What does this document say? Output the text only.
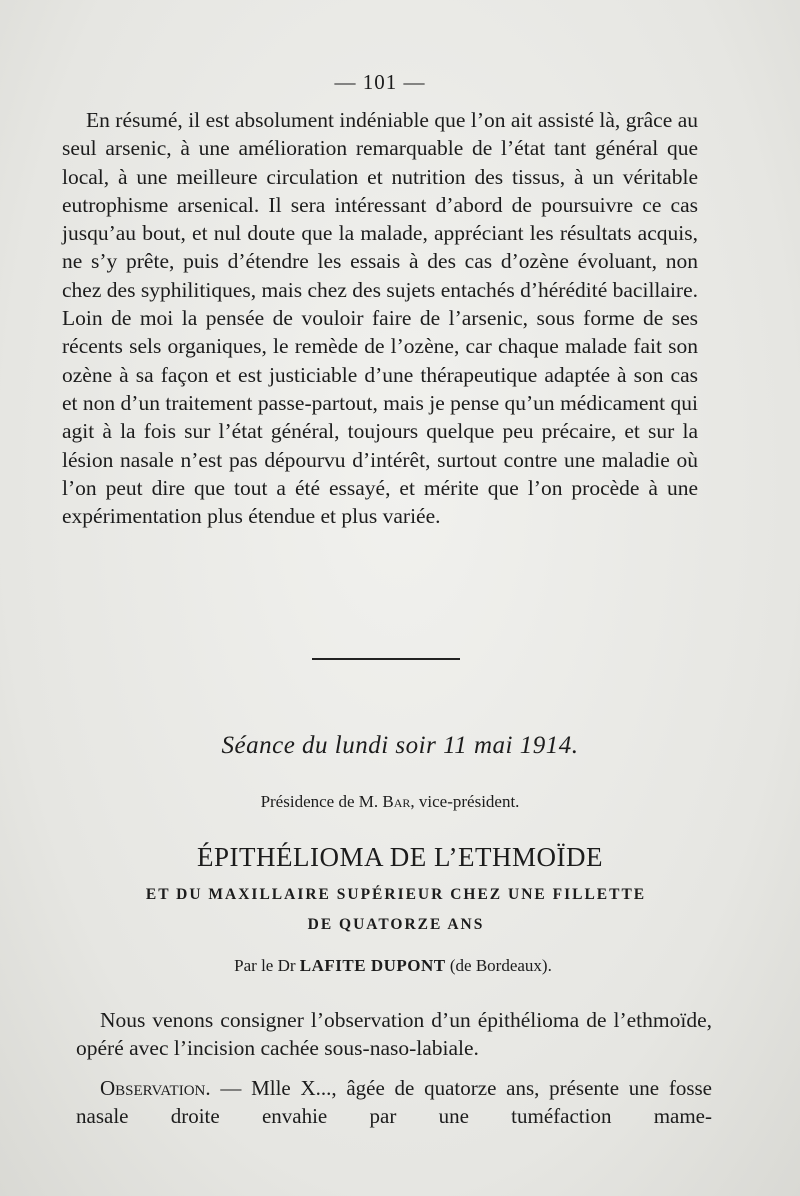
— 101 —

En résumé, il est absolument indéniable que l’on ait assisté là, grâce au seul arsenic, à une amélioration remarquable de l’état tant général que local, à une meilleure circulation et nutrition des tissus, à un véritable eutrophisme arsenical. Il sera intéressant d’abord de poursuivre ce cas jusqu’au bout, et nul doute que la malade, appréciant les résultats acquis, ne s’y prête, puis d’étendre les essais à des cas d’ozène évoluant, non chez des syphilitiques, mais chez des sujets entachés d’hérédité bacillaire. Loin de moi la pensée de vouloir faire de l’arsenic, sous forme de ses récents sels organiques, le remède de l’ozène, car chaque malade fait son ozène à sa façon et est justiciable d’une thérapeutique adaptée à son cas et non d’un traitement passe-partout, mais je pense qu’un médicament qui agit à la fois sur l’état général, toujours quelque peu précaire, et sur la lésion nasale n’est pas dépourvu d’intérêt, surtout contre une maladie où l’on peut dire que tout a été essayé, et mérite que l’on procède à une expérimentation plus étendue et plus variée.

Séance du lundi soir 11 mai 1914.
Présidence de M. Bar, vice-président.
ÉPITHÉLIOMA DE L’ETHMOÏDE
ET DU MAXILLAIRE SUPÉRIEUR CHEZ UNE FILLETTE
DE QUATORZE ANS
Par le Dr LAFITE DUPONT (de Bordeaux).

Nous venons consigner l’observation d’un épithélioma de l’ethmoïde, opéré avec l’incision cachée sous-naso-labiale.

Observation. — Mlle X..., âgée de quatorze ans, présente une fosse nasale droite envahie par une tuméfaction mame-
